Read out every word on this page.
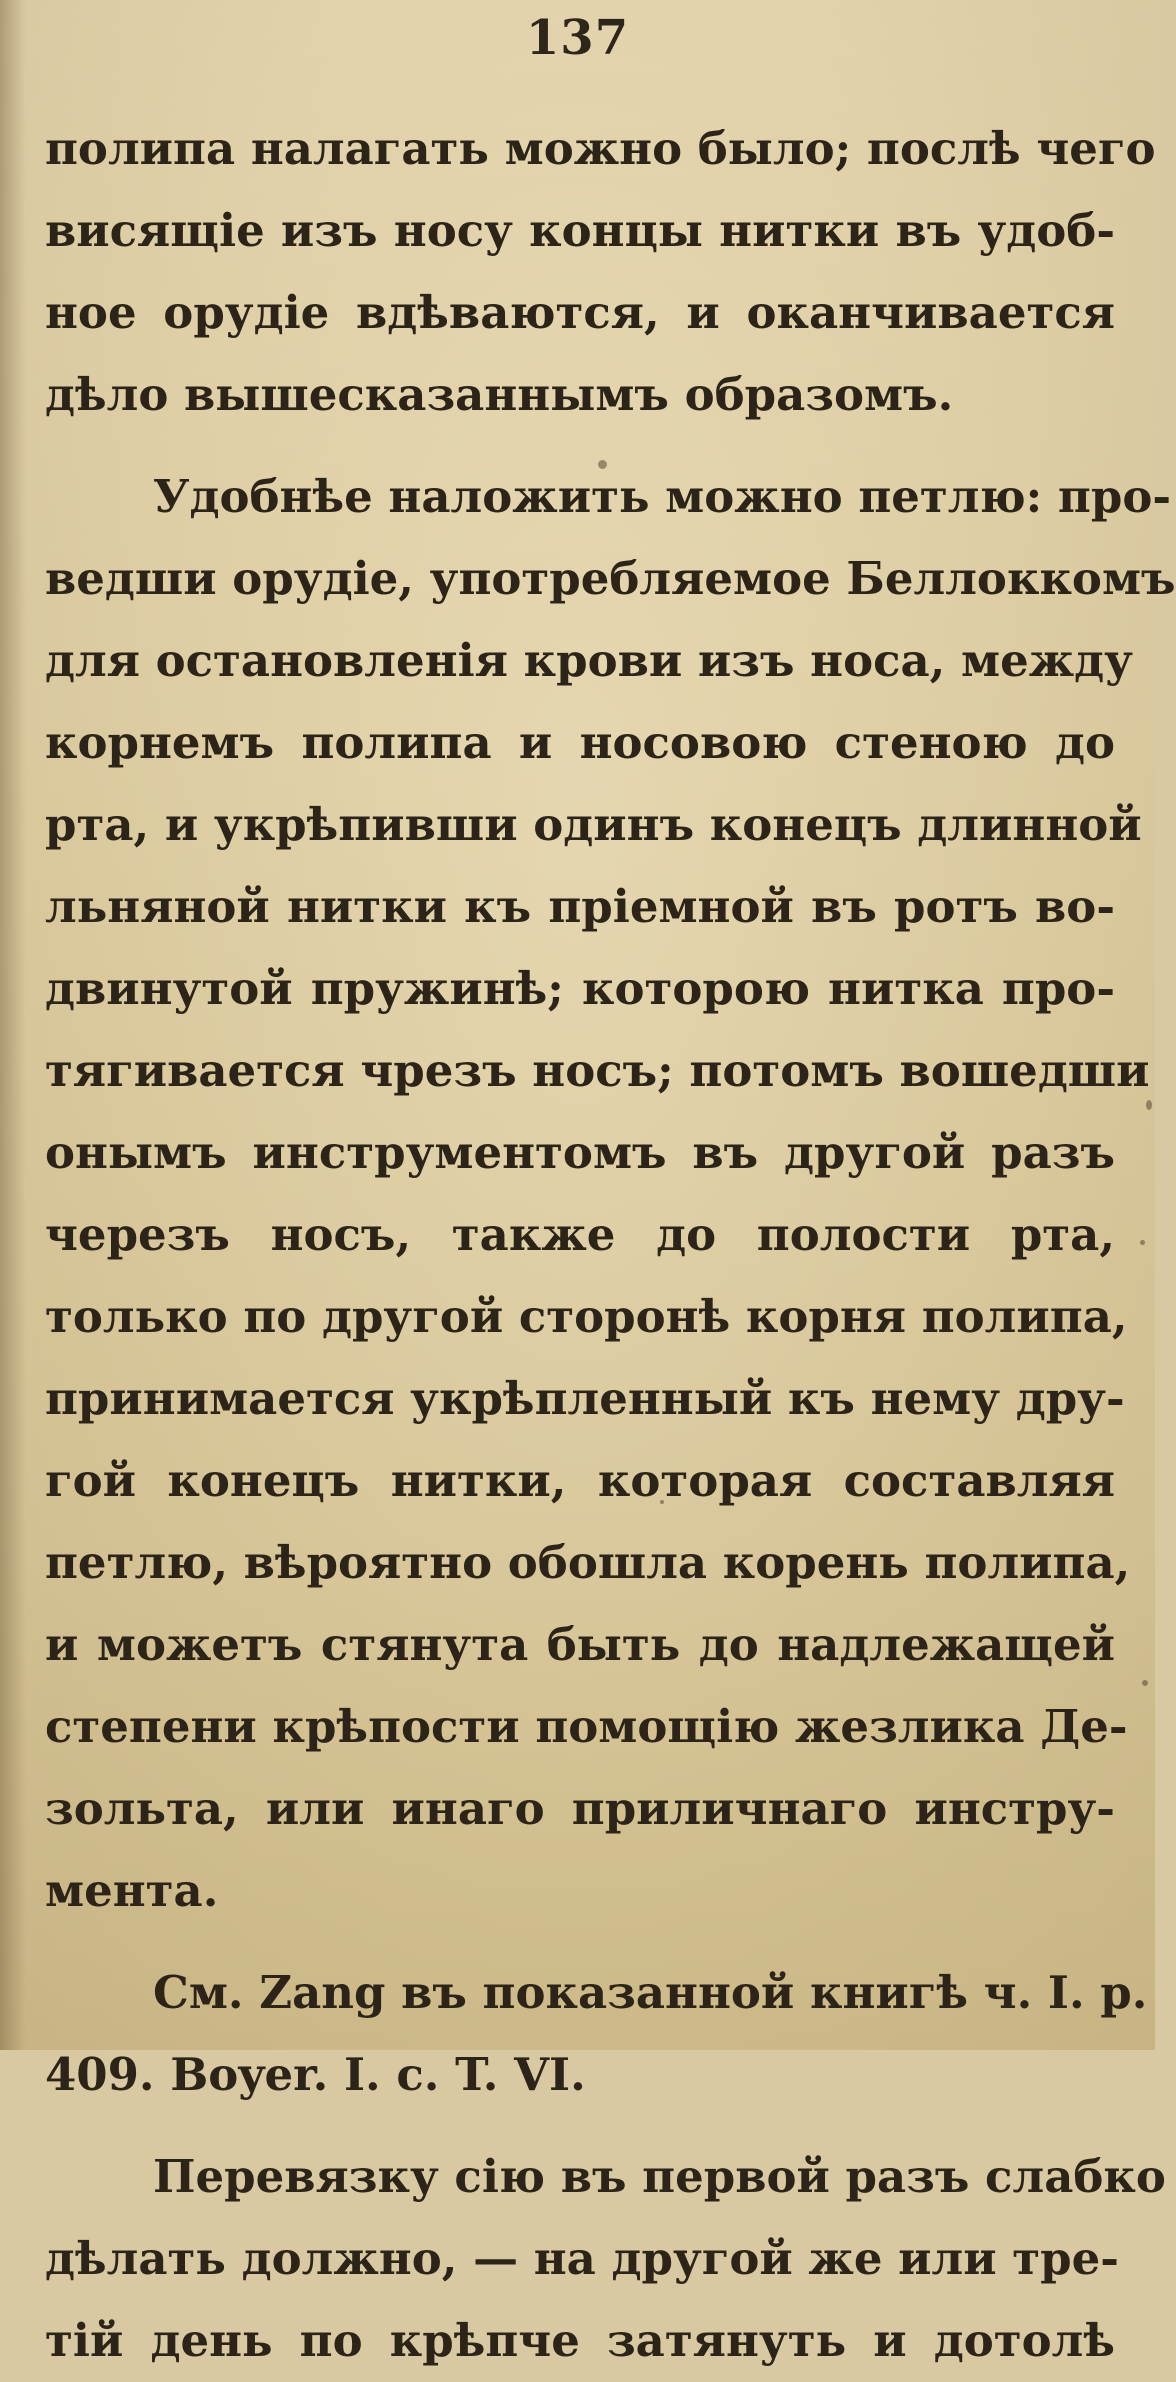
137
полипа налагать можно было; послѣ чего
висящіе изъ носу концы нитки въ удоб-
ное орудіе вдѣваются, и оканчивается
дѣло вышесказаннымъ образомъ.
Удобнѣе наложить можно петлю: про-
ведши орудіе, употребляемое Беллоккомъ
для остановленія крови изъ носа, между
корнемъ полипа и носовою стеною до
рта, и укрѣпивши одинъ конецъ длинной
льняной нитки къ пріемной въ ротъ во-
двинутой пружинѣ; которою нитка про-
тягивается чрезъ носъ; потомъ вошедши
онымъ инструментомъ въ другой разъ
черезъ носъ, также до полости рта,
только по другой сторонѣ корня полипа,
принимается укрѣпленный къ нему дру-
гой конецъ нитки, которая составляя
петлю, вѣроятно обошла корень полипа,
и можетъ стянута быть до надлежащей
степени крѣпости помощію жезлика Де-
зольта, или инаго приличнаго инстру-
мента.
См. Zang въ показанной книгѣ ч. I. p.
409. Boyer. I. c. T. VI.
Перевязку сію въ первой разъ слабко
дѣлать должно, — на другой же или тре-
тій день по крѣпче затянуть и дотолѣ
